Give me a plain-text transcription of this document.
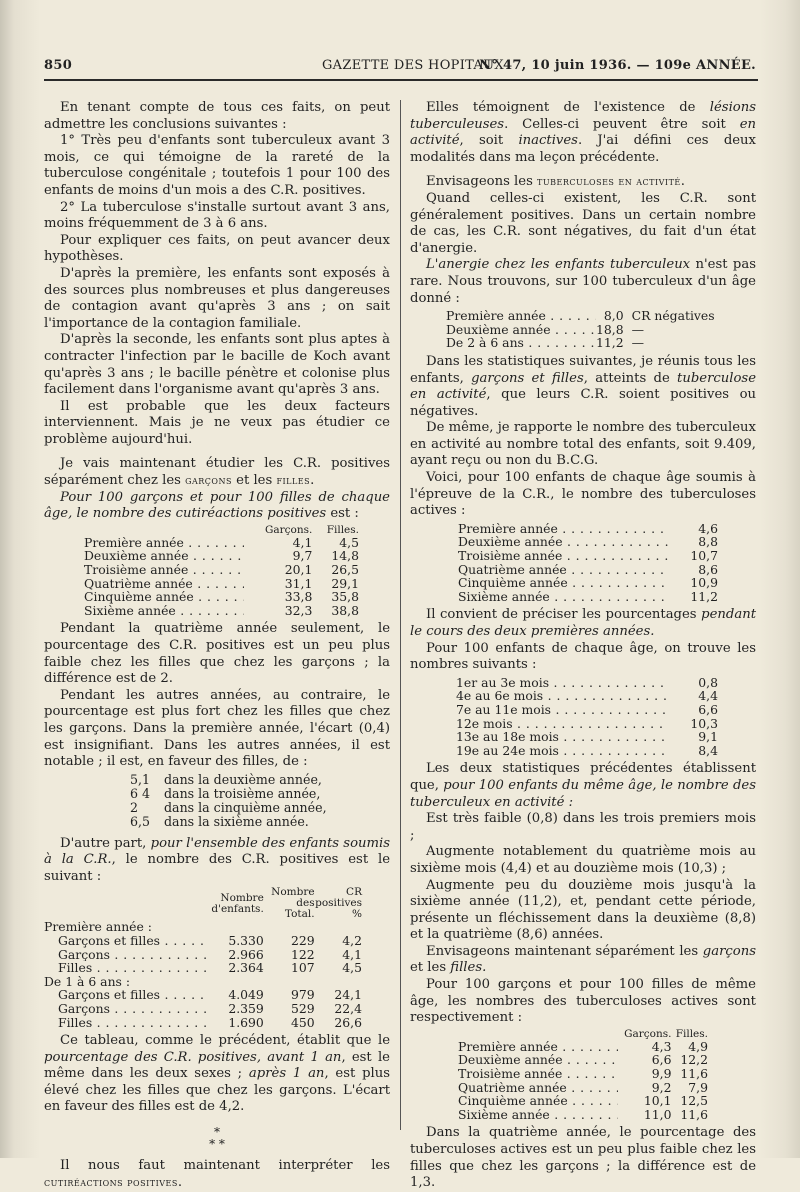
850	GAZETTE DES HOPITAUX
N° 47, 10 juin 1936. — 109e ANNÉE.

En tenant compte de tous ces faits, on peut admettre les conclusions suivantes :

1° Très peu d'enfants sont tuberculeux avant 3 mois, ce qui témoigne de la rareté de la tuberculose congénitale ; toutefois 1 pour 100 des enfants de moins d'un mois a des C.R. positives.

2° La tuberculose s'installe surtout avant 3 ans, moins fréquemment de 3 à 6 ans.

Pour expliquer ces faits, on peut avancer deux hypothèses.

D'après la première, les enfants sont exposés à des sources plus nombreuses et plus dangereuses de contagion avant qu'après 3 ans ; on sait l'importance de la contagion familiale.

D'après la seconde, les enfants sont plus aptes à contracter l'infection par le bacille de Koch avant qu'après 3 ans ; le bacille pénètre et colonise plus facilement dans l'organisme avant qu'après 3 ans.

Il est probable que les deux facteurs interviennent. Mais je ne veux pas étudier ce problème aujourd'hui.

Je vais maintenant étudier les C.R. positives séparément chez les garçons et les filles.

Pour 100 garçons et pour 100 filles de chaque âge, le nombre des cutiréactions positives est :

	Garçons.	Filles.
Première année . . .	4,1	4,5
Deuxième année . . .	9,7	14,8
Troisième année . . .	20,1	26,5
Quatrième année . . .	31,1	29,1
Cinquième année . . .	33,8	35,8
Sixième année . . .	32,3	38,8

Pendant la quatrième année seulement, le pourcentage des C.R. positives est un peu plus faible chez les filles que chez les garçons ; la différence est de 2.

Pendant les autres années, au contraire, le pourcentage est plus fort chez les filles que chez les garçons. Dans la première année, l'écart (0,4) est insignifiant. Dans les autres années, il est notable ; il est, en faveur des filles, de :

5,1 dans la deuxième année,
6 4 dans la troisième année,
2 dans la cinquième année,
6,5 dans la sixième année.

D'autre part, pour l'ensemble des enfants soumis à la C.R., le nombre des C.R. positives est le suivant :

	Nombre d'enfants.	Nombre des Total.	CR positives %
Première année :			
Garçons et filles . . .	5.330	229	4,2
Garçons . . .	2.966	122	4,1
Filles . . .	2.364	107	4,5
De 1 à 6 ans :			
Garçons et filles . . .	4.049	979	24,1
Garçons . . .	2.359	529	22,4
Filles . . .	1.690	450	26,6

Ce tableau, comme le précédent, établit que le pourcentage des C.R. positives, avant 1 an, est le même dans les deux sexes ; après 1 an, est plus élevé chez les filles que chez les garçons. L'écart en faveur des filles est de 4,2.

*
* *

Il nous faut maintenant interpréter les cutiréactions positives.

Elles témoignent de l'existence de lésions tuberculeuses. Celles-ci peuvent être soit en activité, soit inactives. J'ai défini ces deux modalités dans ma leçon précédente.

Envisageons les tuberculoses en activité.

Quand celles-ci existent, les C.R. sont généralement positives. Dans un certain nombre de cas, les C.R. sont négatives, du fait d'un état d'anergie.

L'anergie chez les enfants tuberculeux n'est pas rare. Nous trouvons, sur 100 tuberculeux d'un âge donné :

Première année . . .	8,0	CR négatives
Deuxième année . . .	18,8	—
De 2 à 6 ans . . .	11,2	—

Dans les statistiques suivantes, je réunis tous les enfants, garçons et filles, atteints de tuberculose en activité, que leurs C.R. soient positives ou négatives.

De même, je rapporte le nombre des tuberculeux en activité au nombre total des enfants, soit 9.409, ayant reçu ou non du B.C.G.

Voici, pour 100 enfants de chaque âge soumis à l'épreuve de la C.R., le nombre des tuberculoses actives :

Première année . . .	4,6
Deuxième année . . .	8,8
Troisième année . . .	10,7
Quatrième année . . .	8,6
Cinquième année . . .	10,9
Sixième année . . .	11,2

Il convient de préciser les pourcentages pendant le cours des deux premières années.

Pour 100 enfants de chaque âge, on trouve les nombres suivants :

1er au 3e mois . . .	0,8
4e au 6e mois . . .	4,4
7e au 11e mois . . .	6,6
12e mois . . .	10,3
13e au 18e mois . . .	9,1
19e au 24e mois . . .	8,4

Les deux statistiques précédentes établissent que, pour 100 enfants du même âge, le nombre des tuberculeux en activité :

Est très faible (0,8) dans les trois premiers mois ;

Augmente notablement du quatrième mois au sixième mois (4,4) et au douzième mois (10,3) ;

Augmente peu du douzième mois jusqu'à la sixième année (11,2), et, pendant cette période, présente un fléchissement dans la deuxième (8,8) et la quatrième (8,6) années.

Envisageons maintenant séparément les garçons et les filles.

Pour 100 garçons et pour 100 filles de même âge, les nombres des tuberculoses actives sont respectivement :

	Garçons.	Filles.
Première année . . .	4,3	4,9
Deuxième année . . .	6,6	12,2
Troisième année . . .	9,9	11,6
Quatrième année . . .	9,2	7,9
Cinquième année . . .	10,1	12,5
Sixième année . . .	11,0	11,6

Dans la quatrième année, le pourcentage des tuberculoses actives est un peu plus faible chez les filles que chez les garçons ; la différence est de 1,3.
